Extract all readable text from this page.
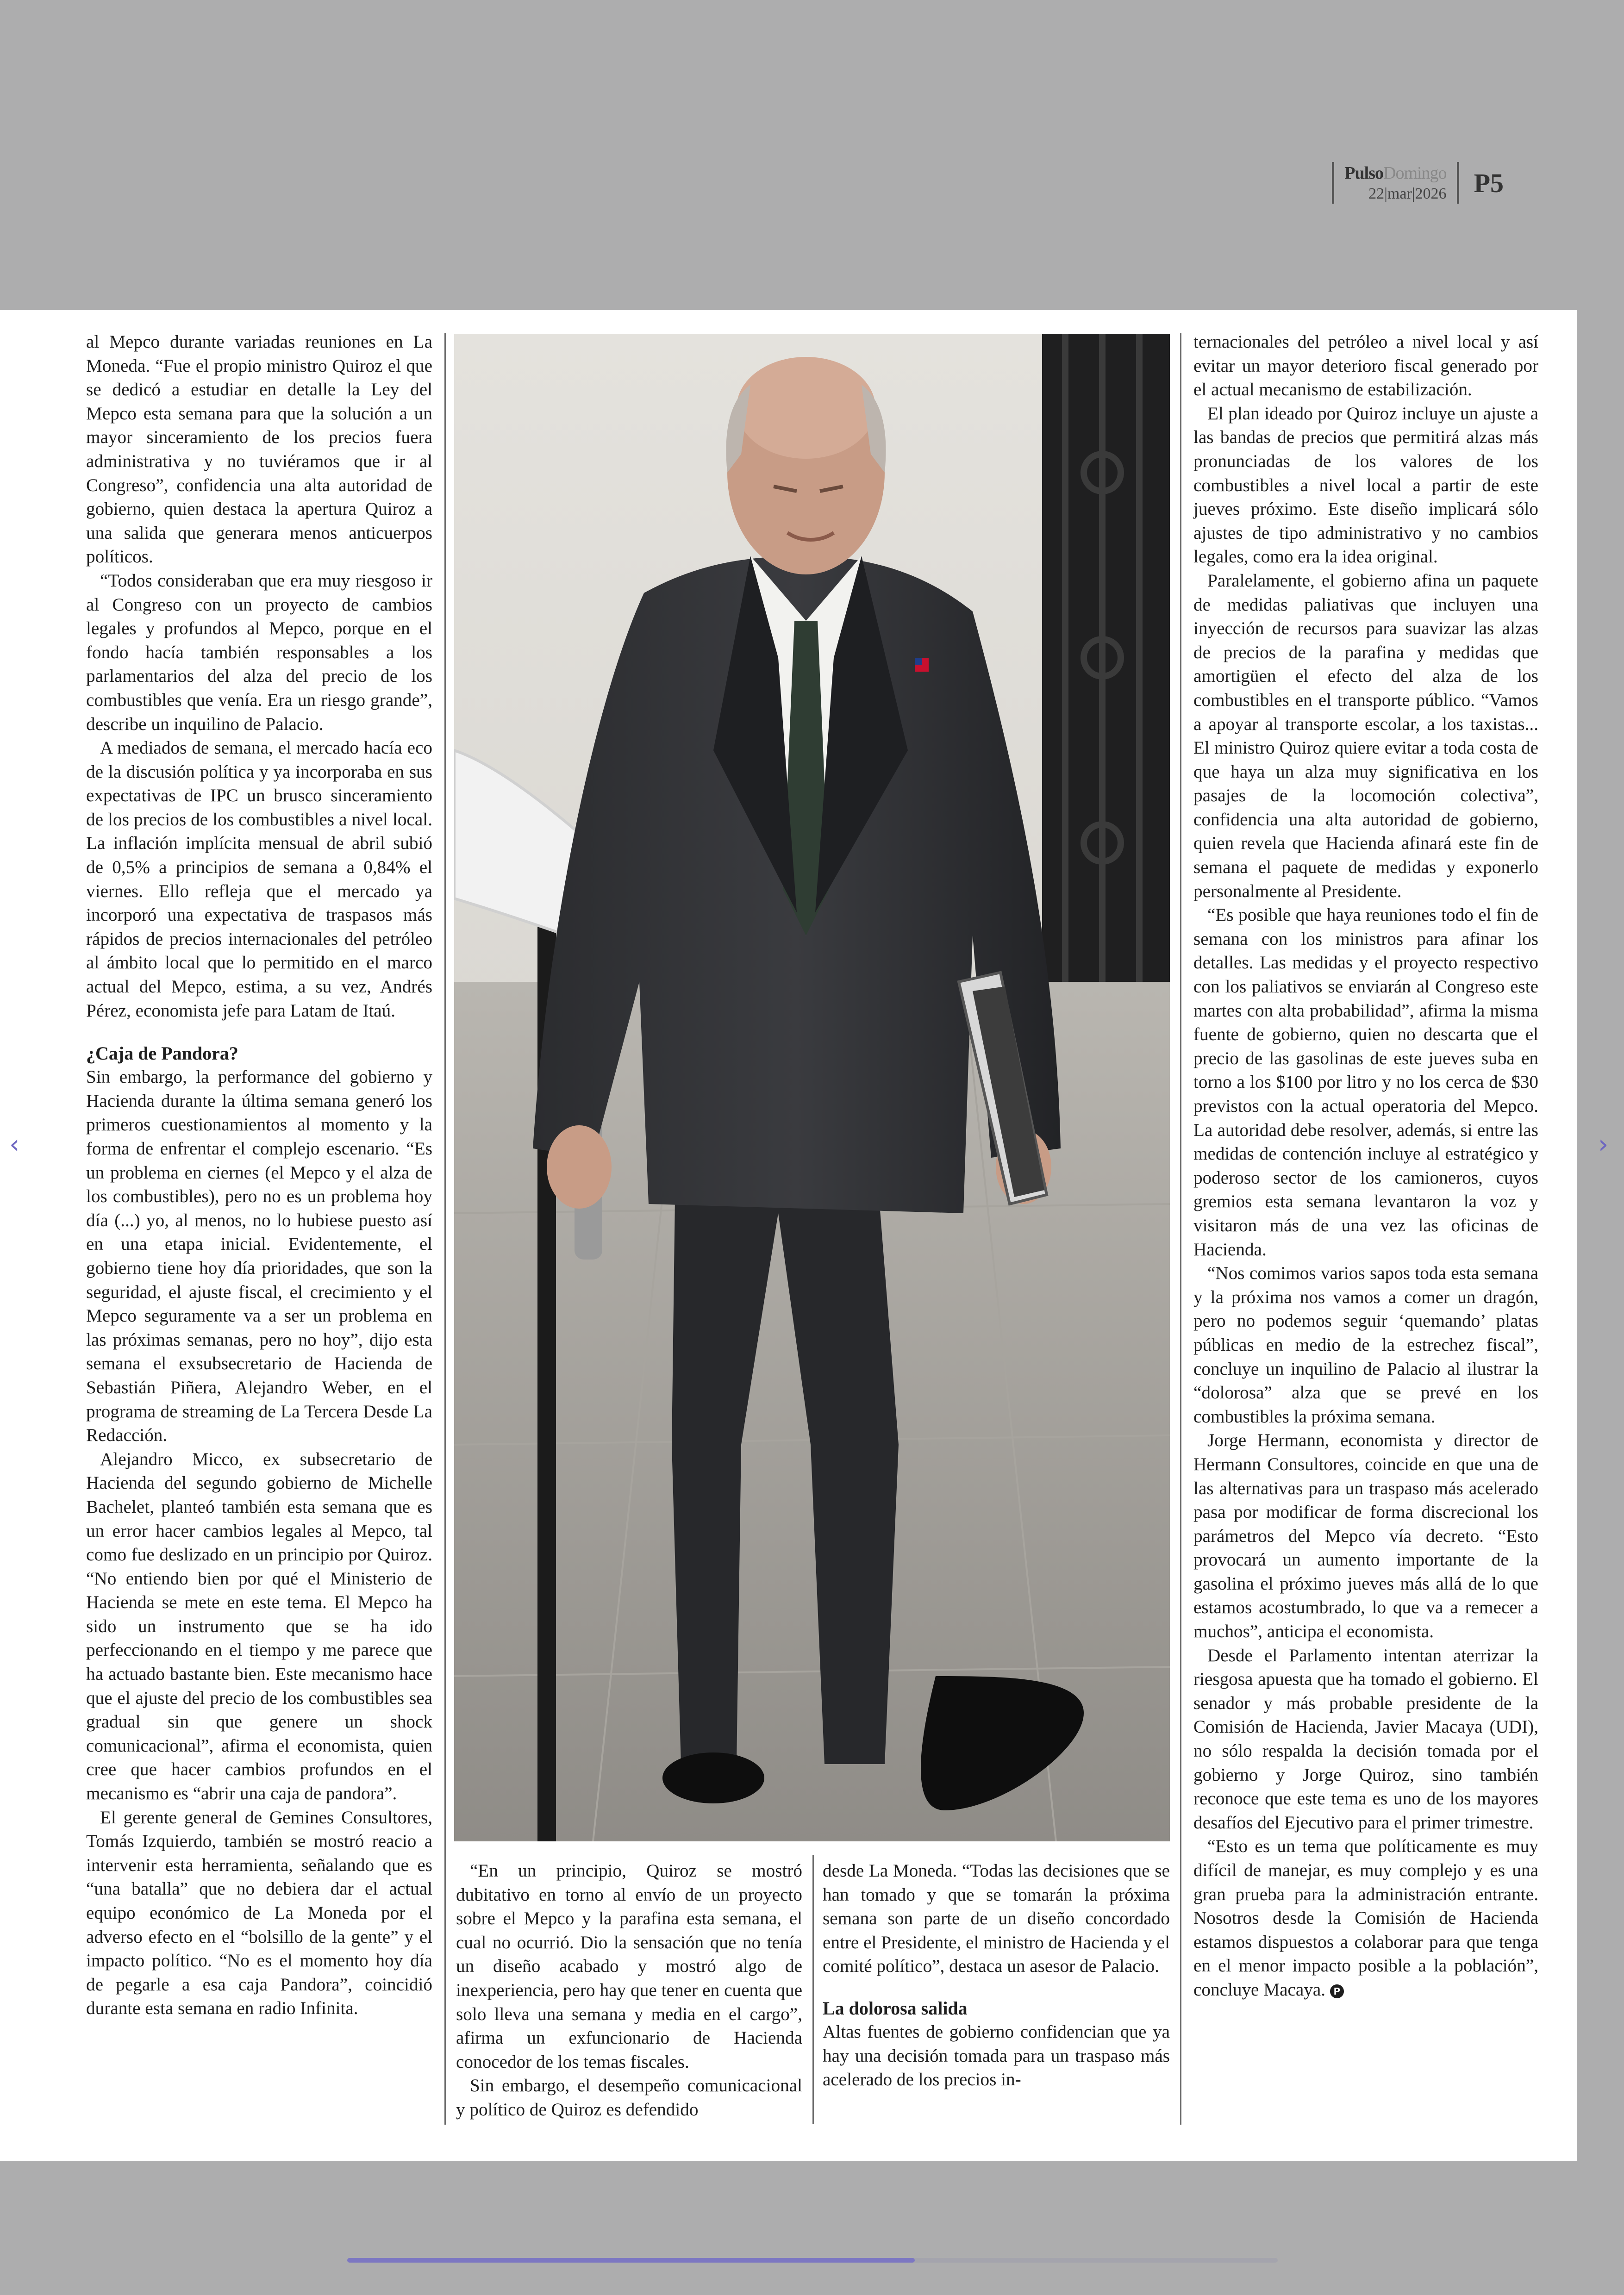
PulsoDomingo
22|mar|2026 P5

al Mepco durante variadas reuniones en La Moneda. “Fue el propio ministro Quiroz el que se dedicó a estudiar en detalle la Ley del Mepco esta semana para que la solución a un mayor sinceramiento de los precios fuera administrativa y no tuviéramos que ir al Congreso”, confidencia una alta autoridad de gobierno, quien destaca la apertura Quiroz a una salida que generara menos anticuerpos políticos.

“Todos consideraban que era muy riesgoso ir al Congreso con un proyecto de cambios legales y profundos al Mepco, porque en el fondo hacía también responsables a los parlamentarios del alza del precio de los combustibles que venía. Era un riesgo grande”, describe un inquilino de Palacio.

A mediados de semana, el mercado hacía eco de la discusión política y ya incorporaba en sus expectativas de IPC un brusco sinceramiento de los precios de los combustibles a nivel local. La inflación implícita mensual de abril subió de 0,5% a principios de semana a 0,84% el viernes. Ello refleja que el mercado ya incorporó una expectativa de traspasos más rápidos de precios internacionales del petróleo al ámbito local que lo permitido en el marco actual del Mepco, estima, a su vez, Andrés Pérez, economista jefe para Latam de Itaú.

¿Caja de Pandora?

Sin embargo, la performance del gobierno y Hacienda durante la última semana generó los primeros cuestionamientos al momento y la forma de enfrentar el complejo escenario. “Es un problema en ciernes (el Mepco y el alza de los combustibles), pero no es un problema hoy día (...) yo, al menos, no lo hubiese puesto así en una etapa inicial. Evidentemente, el gobierno tiene hoy día prioridades, que son la seguridad, el ajuste fiscal, el crecimiento y el Mepco seguramente va a ser un problema en las próximas semanas, pero no hoy”, dijo esta semana el exsubsecretario de Hacienda de Sebastián Piñera, Alejandro Weber, en el programa de streaming de La Tercera Desde La Redacción.

Alejandro Micco, ex subsecretario de Hacienda del segundo gobierno de Michelle Bachelet, planteó también esta semana que es un error hacer cambios legales al Mepco, tal como fue deslizado en un principio por Quiroz. “No entiendo bien por qué el Ministerio de Hacienda se mete en este tema. El Mepco ha sido un instrumento que se ha ido perfeccionando en el tiempo y me parece que ha actuado bastante bien. Este mecanismo hace que el ajuste del precio de los combustibles sea gradual sin que genere un shock comunicacional”, afirma el economista, quien cree que hacer cambios profundos en el mecanismo es “abrir una caja de pandora”.

El gerente general de Gemines Consultores, Tomás Izquierdo, también se mostró reacio a intervenir esta herramienta, señalando que es “una batalla” que no debiera dar el actual equipo económico de La Moneda por el adverso efecto en el “bolsillo de la gente” y el impacto político. “No es el momento hoy día de pegarle a esa caja Pandora”, coincidió durante esta semana en radio Infinita.

“En un principio, Quiroz se mostró dubitativo en torno al envío de un proyecto sobre el Mepco y la parafina esta semana, el cual no ocurrió. Dio la sensación que no tenía un diseño acabado y mostró algo de inexperiencia, pero hay que tener en cuenta que solo lleva una semana y media en el cargo”, afirma un exfuncionario de Hacienda conocedor de los temas fiscales.

Sin embargo, el desempeño comunicacional y político de Quiroz es defendido

desde La Moneda. “Todas las decisiones que se han tomado y que se tomarán la próxima semana son parte de un diseño concordado entre el Presidente, el ministro de Hacienda y el comité político”, destaca un asesor de Palacio.

La dolorosa salida

Altas fuentes de gobierno confidencian que ya hay una decisión tomada para un traspaso más acelerado de los precios in-

ternacionales del petróleo a nivel local y así evitar un mayor deterioro fiscal generado por el actual mecanismo de estabilización.

El plan ideado por Quiroz incluye un ajuste a las bandas de precios que permitirá alzas más pronunciadas de los valores de los combustibles a nivel local a partir de este jueves próximo. Este diseño implicará sólo ajustes de tipo administrativo y no cambios legales, como era la idea original.

Paralelamente, el gobierno afina un paquete de medidas paliativas que incluyen una inyección de recursos para suavizar las alzas de precios de la parafina y medidas que amortigüen el efecto del alza de los combustibles en el transporte público. “Vamos a apoyar al transporte escolar, a los taxistas... El ministro Quiroz quiere evitar a toda costa de que haya un alza muy significativa en los pasajes de la locomoción colectiva”, confidencia una alta autoridad de gobierno, quien revela que Hacienda afinará este fin de semana el paquete de medidas y exponerlo personalmente al Presidente.

“Es posible que haya reuniones todo el fin de semana con los ministros para afinar los detalles. Las medidas y el proyecto respectivo con los paliativos se enviarán al Congreso este martes con alta probabilidad”, afirma la misma fuente de gobierno, quien no descarta que el precio de las gasolinas de este jueves suba en torno a los $100 por litro y no los cerca de $30 previstos con la actual operatoria del Mepco. La autoridad debe resolver, además, si entre las medidas de contención incluye al estratégico y poderoso sector de los camioneros, cuyos gremios esta semana levantaron la voz y visitaron más de una vez las oficinas de Hacienda.

“Nos comimos varios sapos toda esta semana y la próxima nos vamos a comer un dragón, pero no podemos seguir ‘quemando’ platas públicas en medio de la estrechez fiscal”, concluye un inquilino de Palacio al ilustrar la “dolorosa” alza que se prevé en los combustibles la próxima semana.

Jorge Hermann, economista y director de Hermann Consultores, coincide en que una de las alternativas para un traspaso más acelerado pasa por modificar de forma discrecional los parámetros del Mepco vía decreto. “Esto provocará un aumento importante de la gasolina el próximo jueves más allá de lo que estamos acostumbrado, lo que va a remecer a muchos”, anticipa el economista.

Desde el Parlamento intentan aterrizar la riesgosa apuesta que ha tomado el gobierno. El senador y más probable presidente de la Comisión de Hacienda, Javier Macaya (UDI), no sólo respalda la decisión tomada por el gobierno y Jorge Quiroz, sino también reconoce que este tema es uno de los mayores desafíos del Ejecutivo para el primer trimestre.

“Esto es un tema que políticamente es muy difícil de manejar, es muy complejo y es una gran prueba para la administración entrante. Nosotros desde la Comisión de Hacienda estamos dispuestos a colaborar para que tenga en el menor impacto posible a la población”, concluye Macaya. P

‹	›
